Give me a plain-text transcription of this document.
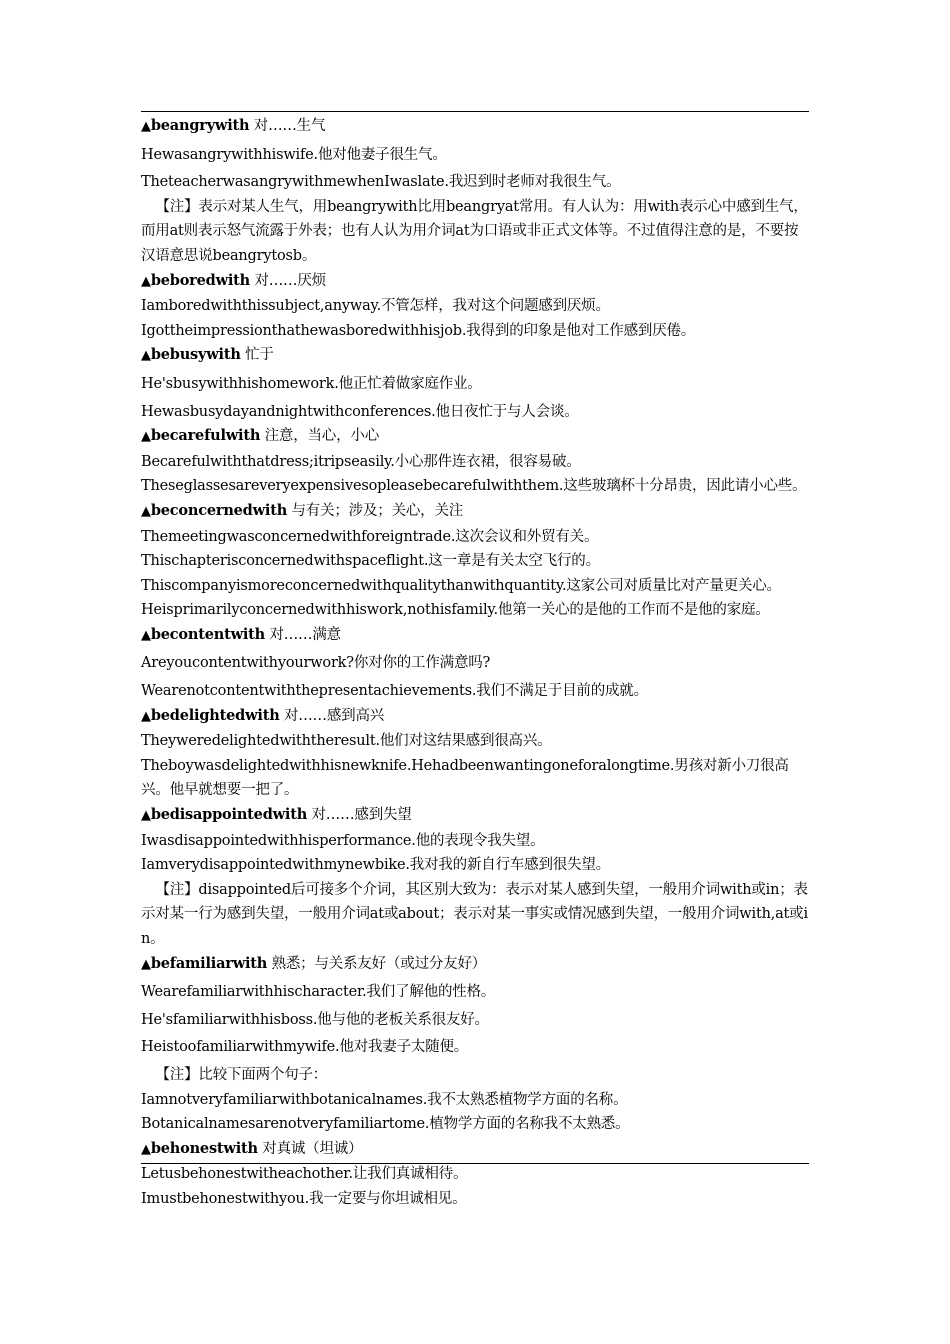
▲beangrywith 对……生气
Hewasangrywithhiswife.他对他妻子很生气。
TheteacherwasangrywithmewhenIwaslate.我迟到时老师对我很生气。
【注】表示对某人生气，用beangrywith比用beangryat常用。有人认为：用with表示心中感到生气，而用at则表示怒气流露于外表；也有人认为用介词at为口语或非正式文体等。不过值得注意的是，不要按汉语意思说beangrytosb。
▲beboredwith 对……厌烦
Iamboredwiththissubject,anyway.不管怎样，我对这个问题感到厌烦。
Igottheimpressionthathewasboredwithhisjob.我得到的印象是他对工作感到厌倦。
▲bebusywith 忙于
He'sbusywithhishomework.他正忙着做家庭作业。
Hewasbusydayandnightwithconferences.他日夜忙于与人会谈。
▲becarefulwith 注意，当心，小心
Becarefulwiththatdress;itripseasily.小心那件连衣裙，很容易破。
Theseglassesareveryexpensivesopleasebecarefulwiththem.这些玻璃杯十分昂贵，因此请小心些。
▲beconcernedwith 与有关；涉及；关心，关注
Themeetingwasconcernedwithforeigntrade.这次会议和外贸有关。
Thischapterisconcernedwithspaceflight.这一章是有关太空飞行的。
Thiscompanyismoreconcernedwithqualitythanwithquantity.这家公司对质量比对产量更关心。
Heisprimarilyconcernedwithhiswork,nothisfamily.他第一关心的是他的工作而不是他的家庭。
▲becontentwith 对……满意
Areyoucontentwithyourwork?你对你的工作满意吗?
Wearenotcontentwiththepresentachievements.我们不满足于目前的成就。
▲bedelightedwith 对……感到高兴
Theyweredelightedwiththeresult.他们对这结果感到很高兴。
Theboywasdelightedwithhisnewknife.Hehadbeenwantingoneforalongtime.男孩对新小刀很高兴。他早就想要一把了。
▲bedisappointedwith 对……感到失望
Iwasdisappointedwithhisperformance.他的表现令我失望。
Iamverydisappointedwithmynewbike.我对我的新自行车感到很失望。
【注】disappointed后可接多个介词，其区别大致为：表示对某人感到失望，一般用介词with或in；表示对某一行为感到失望，一般用介词at或about；表示对某一事实或情况感到失望，一般用介词with,at或in。
▲befamiliarwith 熟悉；与关系友好（或过分友好）
Wearefamiliarwithhischaracter.我们了解他的性格。
He'sfamiliarwithhisboss.他与他的老板关系很友好。
Heistoofamiliarwithmywife.他对我妻子太随便。
【注】比较下面两个句子：
Iamnotveryfamiliarwithbotanicalnames.我不太熟悉植物学方面的名称。
Botanicalnamesarenotveryfamiliartome.植物学方面的名称我不太熟悉。
▲behonestwith 对真诚（坦诚）
Letusbehonestwitheachother.让我们真诚相待。
Imustbehonestwithyou.我一定要与你坦诚相见。
